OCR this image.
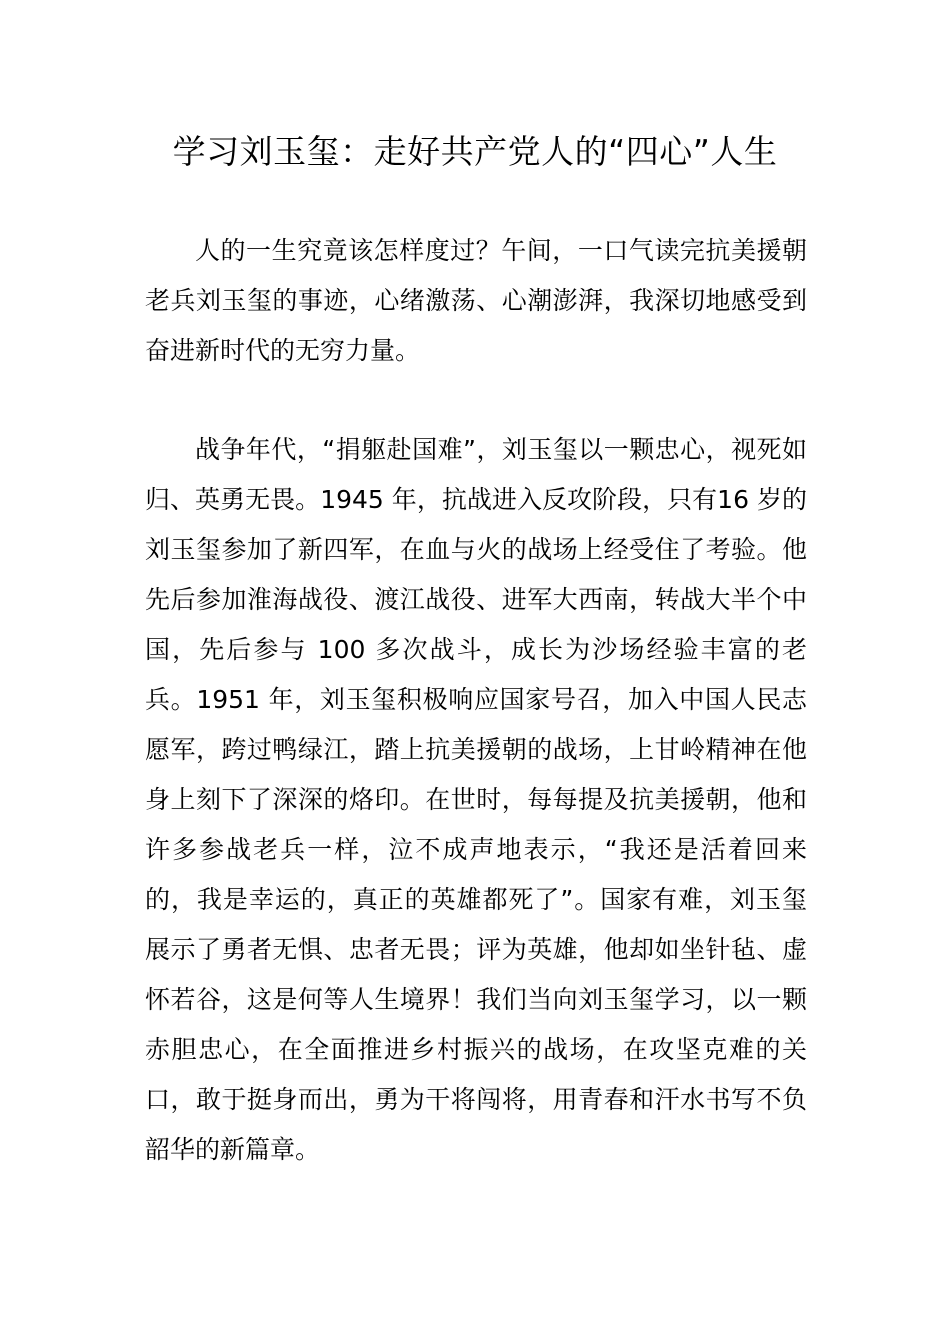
学习刘玉玺：走好共产党人的“四心”人生

人的一生究竟该怎样度过？午间，一口气读完抗美援朝老兵刘玉玺的事迹，心绪激荡、心潮澎湃，我深切地感受到奋进新时代的无穷力量。

战争年代，“捐躯赴国难”，刘玉玺以一颗忠心，视死如归、英勇无畏。1945 年，抗战进入反攻阶段，只有16 岁的刘玉玺参加了新四军，在血与火的战场上经受住了考验。他先后参加淮海战役、渡江战役、进军大西南，转战大半个中国，先后参与 100 多次战斗，成长为沙场经验丰富的老兵。1951 年，刘玉玺积极响应国家号召，加入中国人民志愿军，跨过鸭绿江，踏上抗美援朝的战场，上甘岭精神在他身上刻下了深深的烙印。在世时，每每提及抗美援朝，他和许多参战老兵一样，泣不成声地表示，“我还是活着回来的，我是幸运的，真正的英雄都死了”。国家有难，刘玉玺展示了勇者无惧、忠者无畏；评为英雄，他却如坐针毡、虚怀若谷，这是何等人生境界！我们当向刘玉玺学习，以一颗赤胆忠心，在全面推进乡村振兴的战场，在攻坚克难的关口，敢于挺身而出，勇为干将闯将，用青春和汗水书写不负韶华的新篇章。
